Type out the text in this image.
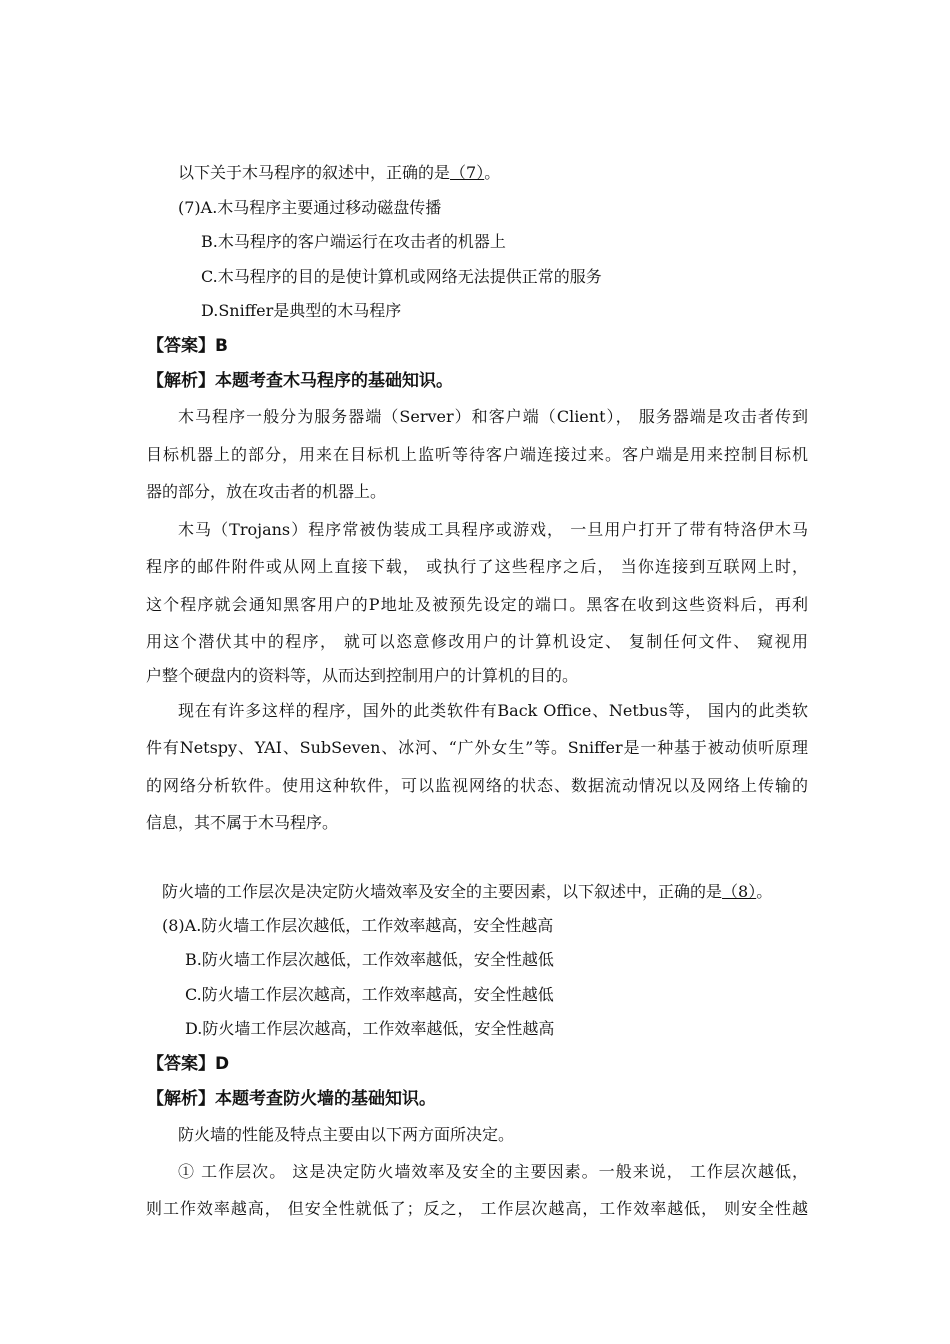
以下关于木马程序的叙述中，正确的是（7）。
(7)A.木马程序主要通过移动磁盘传播
B.木马程序的客户端运行在攻击者的机器上
C.木马程序的目的是使计算机或网络无法提供正常的服务
D.Sniffer是典型的木马程序
【答案】B
【解析】本题考查木马程序的基础知识。
木马程序一般分为服务器端（Server）和客户端（Client）， 服务器端是攻击者传到
目标机器上的部分，用来在目标机上监听等待客户端连接过来。客户端是用来控制目标机
器的部分，放在攻击者的机器上。
木马（Trojans）程序常被伪装成工具程序或游戏， 一旦用户打开了带有特洛伊木马
程序的邮件附件或从网上直接下载， 或执行了这些程序之后， 当你连接到互联网上时，
这个程序就会通知黑客用户的P地址及被预先设定的端口。黑客在收到这些资料后，再利
用这个潜伏其中的程序， 就可以恣意修改用户的计算机设定、 复制任何文件、 窥视用
户整个硬盘内的资料等，从而达到控制用户的计算机的目的。
现在有许多这样的程序，国外的此类软件有Back Office、Netbus等， 国内的此类软
件有Netspy、YAI、SubSeven、冰河、“广外女生”等。Sniffer是一种基于被动侦听原理
的网络分析软件。使用这种软件，可以监视网络的状态、数据流动情况以及网络上传输的
信息，其不属于木马程序。
防火墙的工作层次是决定防火墙效率及安全的主要因素，以下叙述中，正确的是（8）。
(8)A.防火墙工作层次越低，工作效率越高，安全性越高
B.防火墙工作层次越低，工作效率越低，安全性越低
C.防火墙工作层次越高，工作效率越高，安全性越低
D.防火墙工作层次越高，工作效率越低，安全性越高
【答案】D
【解析】本题考查防火墙的基础知识。
防火墙的性能及特点主要由以下两方面所决定。
① 工作层次。 这是决定防火墙效率及安全的主要因素。一般来说， 工作层次越低，
则工作效率越高， 但安全性就低了；反之， 工作层次越高，工作效率越低， 则安全性越
